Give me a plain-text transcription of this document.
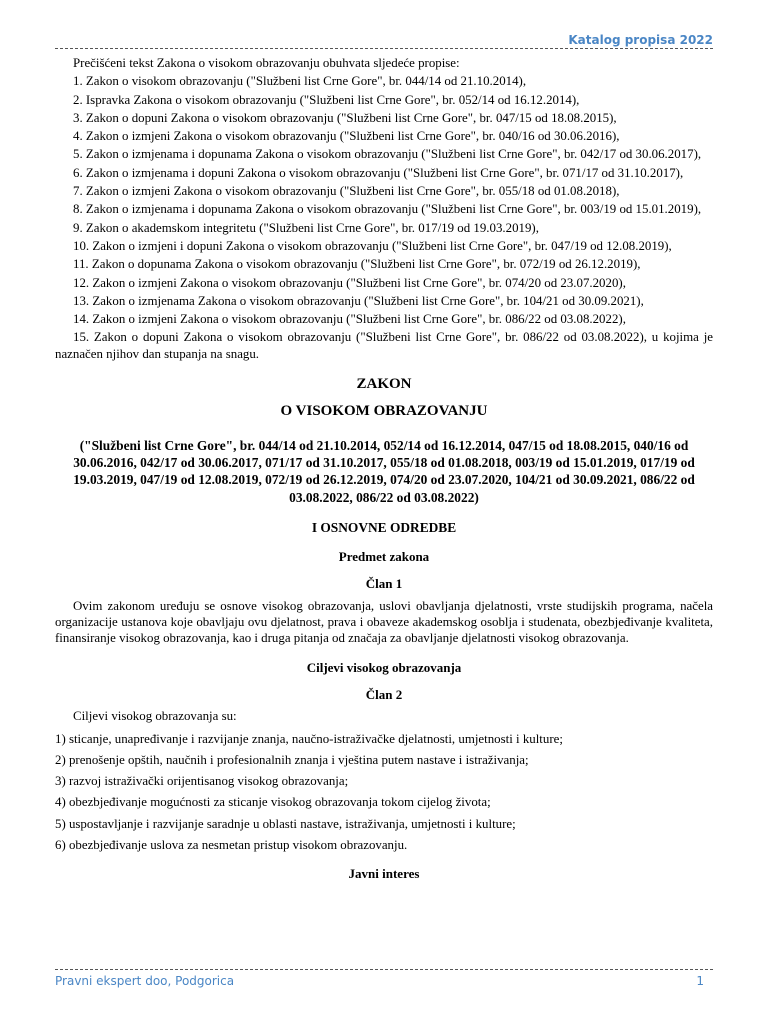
Katalog propisa 2022

Prečišćeni tekst Zakona o visokom obrazovanju obuhvata sljedeće propise:

1. Zakon o visokom obrazovanju ("Službeni list Crne Gore", br. 044/14 od 21.10.2014),

2. Ispravka Zakona o visokom obrazovanju ("Službeni list Crne Gore", br. 052/14 od 16.12.2014),

3. Zakon o dopuni Zakona o visokom obrazovanju ("Službeni list Crne Gore", br. 047/15 od 18.08.2015),

4. Zakon o izmjeni Zakona o visokom obrazovanju ("Službeni list Crne Gore", br. 040/16 od 30.06.2016),

5. Zakon o izmjenama i dopunama Zakona o visokom obrazovanju ("Službeni list Crne Gore", br. 042/17 od 30.06.2017),

6. Zakon o izmjenama i dopuni Zakona o visokom obrazovanju ("Službeni list Crne Gore", br. 071/17 od 31.10.2017),

7. Zakon o izmjeni Zakona o visokom obrazovanju ("Službeni list Crne Gore", br. 055/18 od 01.08.2018),

8. Zakon o izmjenama i dopunama Zakona o visokom obrazovanju ("Službeni list Crne Gore", br. 003/19 od 15.01.2019),

9. Zakon o akademskom integritetu ("Službeni list Crne Gore", br. 017/19 od 19.03.2019),

10. Zakon o izmjeni i dopuni Zakona o visokom obrazovanju ("Službeni list Crne Gore", br. 047/19 od 12.08.2019),

11. Zakon o dopunama Zakona o visokom obrazovanju ("Službeni list Crne Gore", br. 072/19 od 26.12.2019),

12. Zakon o izmjeni Zakona o visokom obrazovanju ("Službeni list Crne Gore", br. 074/20 od 23.07.2020),

13. Zakon o izmjenama Zakona o visokom obrazovanju ("Službeni list Crne Gore", br. 104/21 od 30.09.2021),

14. Zakon o izmjeni Zakona o visokom obrazovanju ("Službeni list Crne Gore", br. 086/22 od 03.08.2022),

15. Zakon o dopuni Zakona o visokom obrazovanju ("Službeni list Crne Gore", br. 086/22 od 03.08.2022), u kojima je naznačen njihov dan stupanja na snagu.

ZAKON
O VISOKOM OBRAZOVANJU
("Službeni list Crne Gore", br. 044/14 od 21.10.2014, 052/14 od 16.12.2014, 047/15 od 18.08.2015, 040/16 od 30.06.2016, 042/17 od 30.06.2017, 071/17 od 31.10.2017, 055/18 od 01.08.2018, 003/19 od 15.01.2019, 017/19 od 19.03.2019, 047/19 od 12.08.2019, 072/19 od 26.12.2019, 074/20 od 23.07.2020, 104/21 od 30.09.2021, 086/22 od 03.08.2022, 086/22 od 03.08.2022)
I OSNOVNE ODREDBE
Predmet zakona
Član 1

Ovim zakonom uređuju se osnove visokog obrazovanja, uslovi obavljanja djelatnosti, vrste studijskih programa, načela organizacije ustanova koje obavljaju ovu djelatnost, prava i obaveze akademskog osoblja i studenata, obezbjeđivanje kvaliteta, finansiranje visokog obrazovanja, kao i druga pitanja od značaja za obavljanje djelatnosti visokog obrazovanja.

Ciljevi visokog obrazovanja
Član 2

Ciljevi visokog obrazovanja su:

1) sticanje, unapređivanje i razvijanje znanja, naučno-istraživačke djelatnosti, umjetnosti i kulture;

2) prenošenje opštih, naučnih i profesionalnih znanja i vještina putem nastave i istraživanja;

3) razvoj istraživački orijentisanog visokog obrazovanja;

4) obezbjeđivanje mogućnosti za sticanje visokog obrazovanja tokom cijelog života;

5) uspostavljanje i razvijanje saradnje u oblasti nastave, istraživanja, umjetnosti i kulture;

6) obezbjeđivanje uslova za nesmetan pristup visokom obrazovanju.

Javni interes
Pravni ekspert doo, Podgorica	1
